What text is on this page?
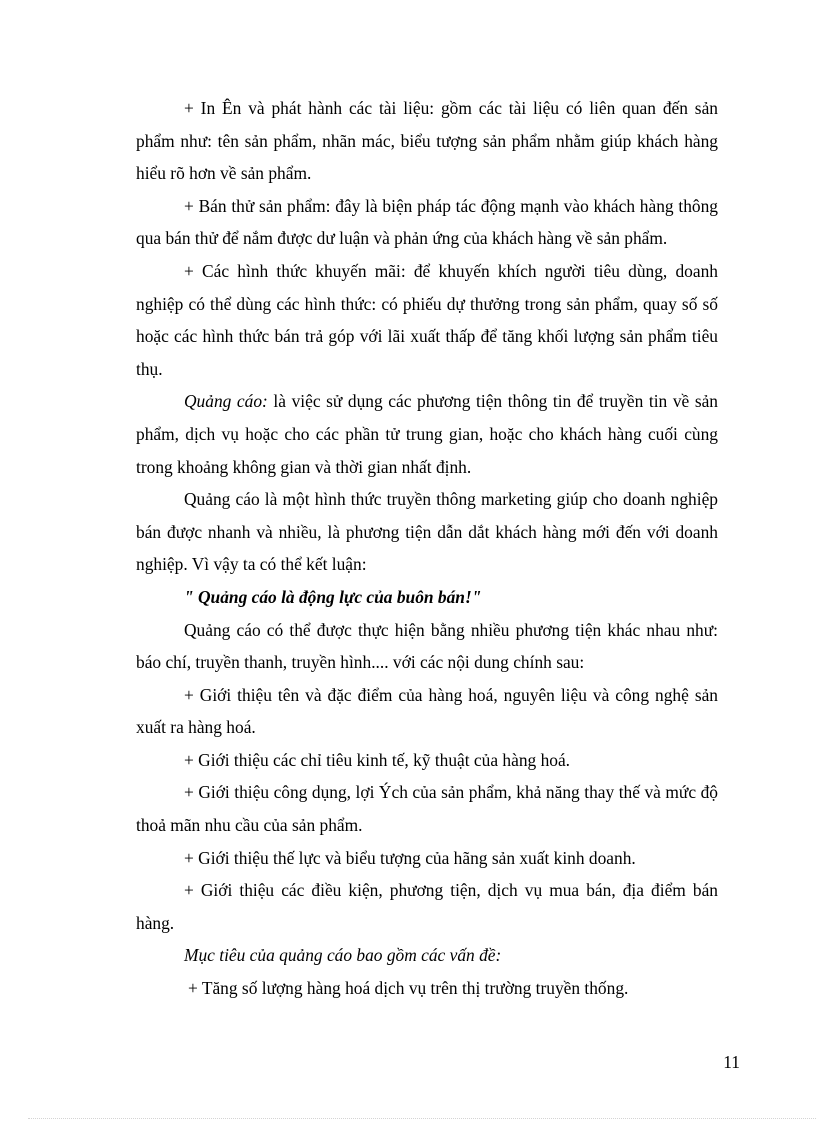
+ In Ên và phát hành các tài liệu: gồm các tài liệu có liên quan đến sản phẩm như: tên sản phẩm, nhãn mác, biểu tượng sản phẩm nhằm giúp khách hàng hiểu rõ hơn về sản phẩm.

+ Bán thử sản phẩm: đây là biện pháp tác động mạnh vào khách hàng thông qua bán thử để nắm được dư luận và phản ứng của khách hàng về sản phẩm.

+ Các hình thức khuyến mãi: để khuyến khích người tiêu dùng, doanh nghiệp có thể dùng các hình thức: có phiếu dự thưởng trong sản phẩm, quay số số hoặc các hình thức bán trả góp với lãi xuất thấp để tăng khối lượng sản phẩm tiêu thụ.

Quảng cáo: là việc sử dụng các phương tiện thông tin để truyền tin về sản phẩm, dịch vụ hoặc cho các phần tử trung gian, hoặc cho khách hàng cuối cùng trong khoảng không gian và thời gian nhất định.

Quảng cáo là một hình thức truyền thông marketing giúp cho doanh nghiệp bán được nhanh và nhiều, là phương tiện dẫn dắt khách hàng mới đến với doanh nghiệp. Vì vậy ta có thể kết luận:

" Quảng cáo là động lực của buôn bán!"

Quảng cáo có thể được thực hiện bằng nhiều phương tiện khác nhau như: báo chí, truyền thanh, truyền hình.... với các nội dung chính sau:

+ Giới thiệu tên và đặc điểm của hàng hoá, nguyên liệu và công nghệ sản xuất ra hàng hoá.

+ Giới thiệu các chỉ tiêu kinh tế, kỹ thuật của hàng hoá.

+ Giới thiệu công dụng, lợi Ých của sản phẩm, khả năng thay thế và mức độ thoả mãn nhu cầu của sản phẩm.

+ Giới thiệu thế lực và biểu tượng của hãng sản xuất kinh doanh.

+ Giới thiệu các điều kiện, phương tiện, dịch vụ mua bán, địa điểm bán hàng.

Mục tiêu của quảng cáo bao gồm các vấn đề:

+ Tăng số lượng hàng hoá dịch vụ trên thị trường truyền thống.

11
